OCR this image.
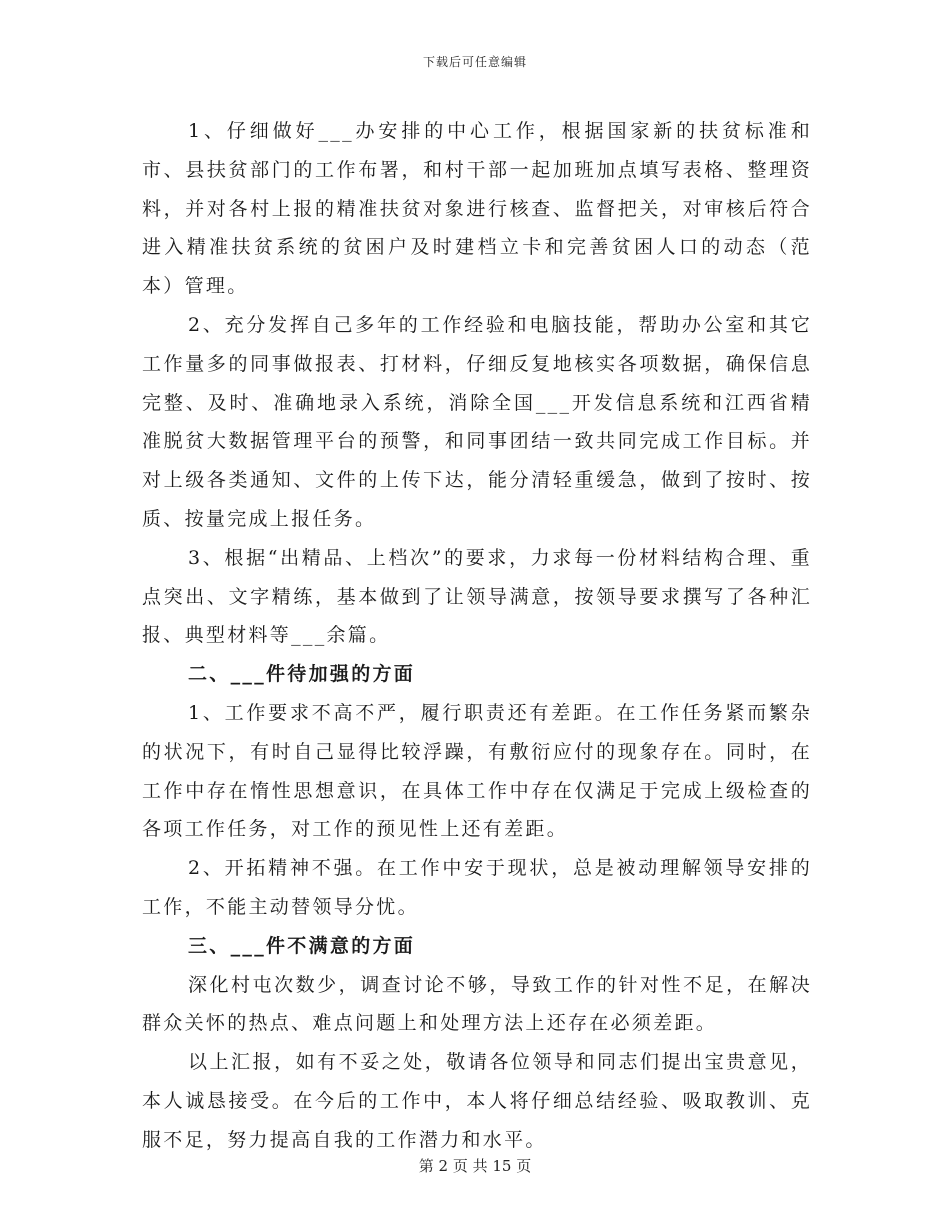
下载后可任意编辑

1、仔细做好___办安排的中心工作，根据国家新的扶贫标准和市、县扶贫部门的工作布署，和村干部一起加班加点填写表格、整理资料，并对各村上报的精准扶贫对象进行核查、监督把关，对审核后符合进入精准扶贫系统的贫困户及时建档立卡和完善贫困人口的动态（范本）管理。

2、充分发挥自己多年的工作经验和电脑技能，帮助办公室和其它工作量多的同事做报表、打材料，仔细反复地核实各项数据，确保信息完整、及时、准确地录入系统，消除全国___开发信息系统和江西省精准脱贫大数据管理平台的预警，和同事团结一致共同完成工作目标。并对上级各类通知、文件的上传下达，能分清轻重缓急，做到了按时、按质、按量完成上报任务。

3、根据“出精品、上档次”的要求，力求每一份材料结构合理、重点突出、文字精练，基本做到了让领导满意，按领导要求撰写了各种汇报、典型材料等___余篇。

二、___件待加强的方面

1、工作要求不高不严，履行职责还有差距。在工作任务紧而繁杂的状况下，有时自己显得比较浮躁，有敷衍应付的现象存在。同时，在工作中存在惰性思想意识，在具体工作中存在仅满足于完成上级检查的各项工作任务，对工作的预见性上还有差距。

2、开拓精神不强。在工作中安于现状，总是被动理解领导安排的工作，不能主动替领导分忧。

三、___件不满意的方面

深化村屯次数少，调查讨论不够，导致工作的针对性不足，在解决群众关怀的热点、难点问题上和处理方法上还存在必须差距。

以上汇报，如有不妥之处，敬请各位领导和同志们提出宝贵意见，本人诚恳接受。在今后的工作中，本人将仔细总结经验、吸取教训、克服不足，努力提高自我的工作潜力和水平。

第 2 页 共 15 页
